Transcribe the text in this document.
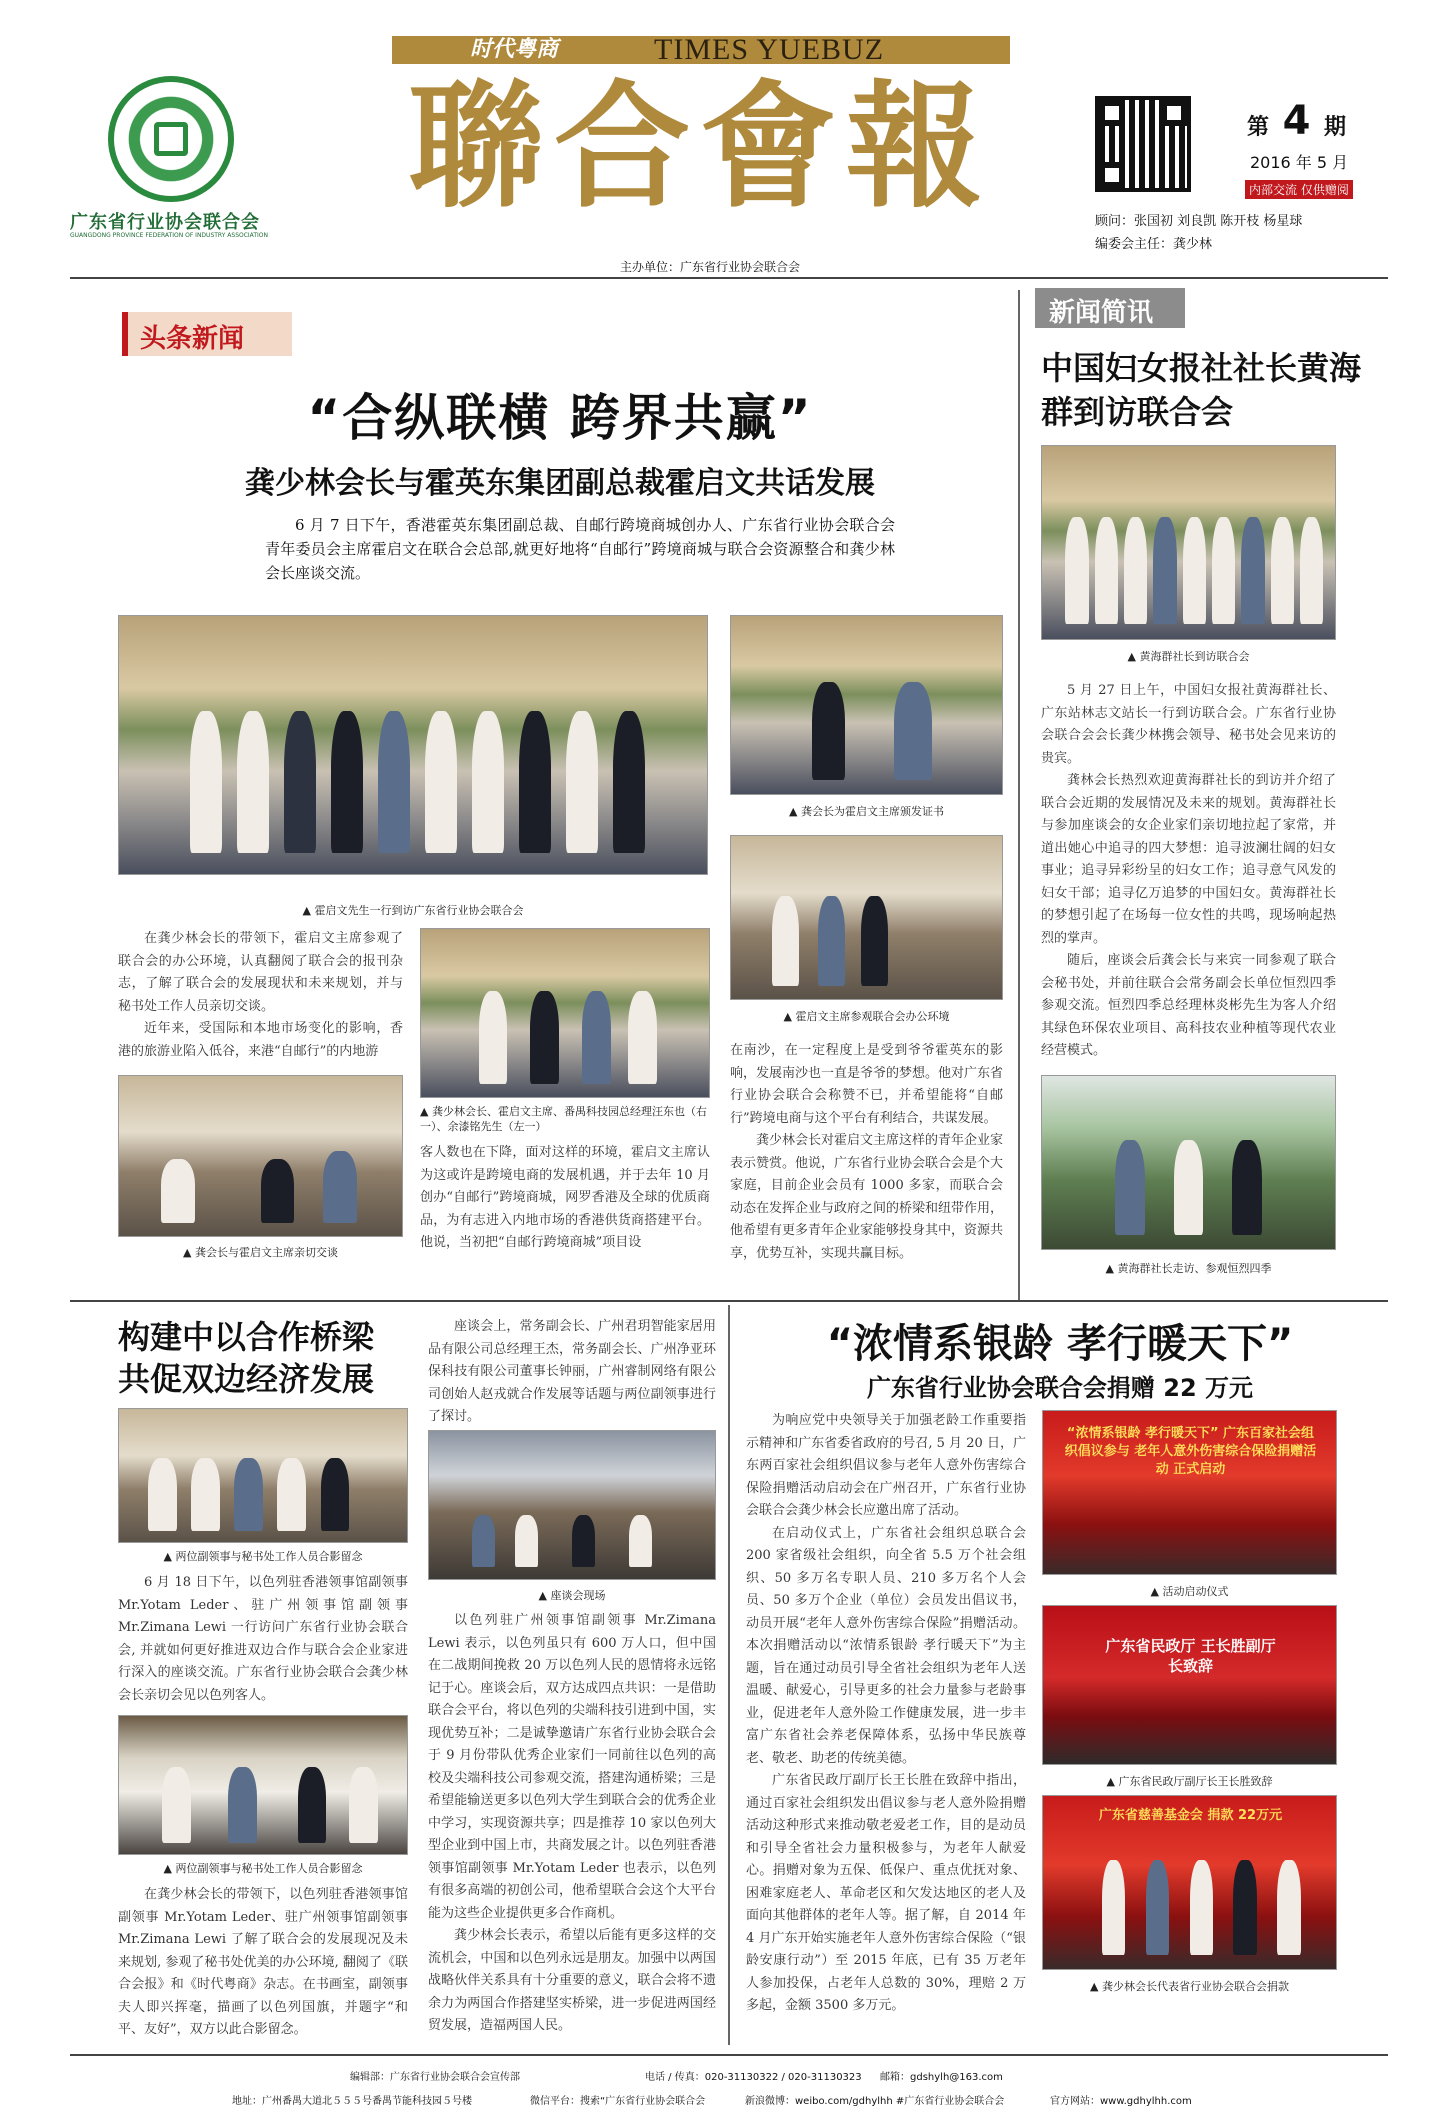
广东省行业协会联合会
GUANGDONG PROVINCE FEDERATION OF INDUSTRY ASSOCIATION
时代粤商	TIMES YUEBUZ
聯合會報	第 4 期
2016 年 5 月
内部交流 仅供赠阅
顾问：张国初 刘良凯 陈开枝 杨星球
编委会主任：龚少林
主办单位：广东省行业协会联合会
头条新闻
“合纵联横 跨界共赢”
龚少林会长与霍英东集团副总裁霍启文共话发展

6 月 7 日下午，香港霍英东集团副总裁、自邮行跨境商城创办人、广东省行业协会联合会青年委员会主席霍启文在联合会总部,就更好地将“自邮行”跨境商城与联合会资源整合和龚少林会长座谈交流。

▲ 霍启文先生一行到访广东省行业协会联合会
▲ 龚会长为霍启文主席颁发证书
▲ 霍启文主席参观联合会办公环境

在龚少林会长的带领下，霍启文主席参观了联合会的办公环境，认真翻阅了联合会的报刊杂志，了解了联合会的发展现状和未来规划，并与秘书处工作人员亲切交谈。

近年来，受国际和本地市场变化的影响，香港的旅游业陷入低谷，来港“自邮行”的内地游

▲ 龚少林会长、霍启文主席、番禺科技园总经理汪东也（右一）、余漆铭先生（左一）
▲ 龚会长与霍启文主席亲切交谈

客人数也在下降，面对这样的环境，霍启文主席认为这或许是跨境电商的发展机遇，并于去年 10 月创办“自邮行”跨境商城，网罗香港及全球的优质商品，为有志进入内地市场的香港供货商搭建平台。他说，当初把“自邮行跨境商城”项目设

在南沙，在一定程度上是受到爷爷霍英东的影响，发展南沙也一直是爷爷的梦想。他对广东省行业协会联合会称赞不已，并希望能将“自邮行”跨境电商与这个平台有利结合，共谋发展。

龚少林会长对霍启文主席这样的青年企业家表示赞赏。他说，广东省行业协会联合会是个大家庭，目前企业会员有 1000 多家，而联合会动态在发挥企业与政府之间的桥梁和纽带作用，他希望有更多青年企业家能够投身其中，资源共享，优势互补，实现共赢目标。

新闻简讯
中国妇女报社社长黄海群到访联合会
▲ 黄海群社长到访联合会

5 月 27 日上午，中国妇女报社黄海群社长、广东站林志文站长一行到访联合会。广东省行业协会联合会会长龚少林携会领导、秘书处会见来访的贵宾。

龚林会长热烈欢迎黄海群社长的到访并介绍了联合会近期的发展情况及未来的规划。黄海群社长与参加座谈会的女企业家们亲切地拉起了家常，并道出她心中追寻的四大梦想：追寻波澜壮阔的妇女事业；追寻异彩纷呈的妇女工作；追寻意气风发的妇女干部；追寻亿万追梦的中国妇女。黄海群社长的梦想引起了在场每一位女性的共鸣，现场响起热烈的掌声。

随后，座谈会后龚会长与来宾一同参观了联合会秘书处，并前往联合会常务副会长单位恒烈四季参观交流。恒烈四季总经理林炎彬先生为客人介绍其绿色环保农业项目、高科技农业种植等现代农业经营模式。

▲ 黄海群社长走访、参观恒烈四季
构建中以合作桥梁
共促双边经济发展
▲ 两位副领事与秘书处工作人员合影留念

6 月 18 日下午，以色列驻香港领事馆副领事 Mr.Yotam Leder、驻广州领事馆副领事 Mr.Zimana Lewi 一行访问广东省行业协会联合会, 并就如何更好推进双边合作与联合会企业家进行深入的座谈交流。广东省行业协会联合会龚少林会长亲切会见以色列客人。

▲ 两位副领事与秘书处工作人员合影留念

在龚少林会长的带领下，以色列驻香港领事馆副领事 Mr.Yotam Leder、驻广州领事馆副领事 Mr.Zimana Lewi 了解了联合会的发展现况及未来规划, 参观了秘书处优美的办公环境, 翻阅了《联合会报》和《时代粤商》杂志。在书画室，副领事夫人即兴挥毫，描画了以色列国旗，并题字“和平、友好”，双方以此合影留念。

座谈会上，常务副会长、广州君玥智能家居用品有限公司总经理王杰，常务副会长、广州净亚环保科技有限公司董事长钟丽，广州睿制网络有限公司创始人赵戎就合作发展等话题与两位副领事进行了探讨。

▲ 座谈会现场

以色列驻广州领事馆副领事 Mr.Zimana Lewi 表示，以色列虽只有 600 万人口，但中国在二战期间挽救 20 万以色列人民的恩情将永远铭记于心。座谈会后，双方达成四点共识：一是借助联合会平台，将以色列的尖端科技引进到中国，实现优势互补；二是诚挚邀请广东省行业协会联合会于 9 月份带队优秀企业家们一同前往以色列的高校及尖端科技公司参观交流，搭建沟通桥梁；三是希望能输送更多以色列大学生到联合会的优秀企业中学习，实现资源共享；四是推荐 10 家以色列大型企业到中国上市，共商发展之计。以色列驻香港领事馆副领事 Mr.Yotam Leder 也表示，以色列有很多高端的初创公司，他希望联合会这个大平台能为这些企业提供更多合作商机。

龚少林会长表示，希望以后能有更多这样的交流机会，中国和以色列永远是朋友。加强中以两国战略伙伴关系具有十分重要的意义，联合会将不遗余力为两国合作搭建坚实桥梁，进一步促进两国经贸发展，造福两国人民。

“浓情系银龄 孝行暖天下”
广东省行业协会联合会捐赠 22 万元

为响应党中央领导关于加强老龄工作重要指示精神和广东省委省政府的号召, 5 月 20 日，广东两百家社会组织倡议参与老年人意外伤害综合保险捐赠活动启动会在广州召开，广东省行业协会联合会龚少林会长应邀出席了活动。

在启动仪式上，广东省社会组织总联合会 200 家省级社会组织，向全省 5.5 万个社会组织、50 多万名专职人员、210 多万名个人会员、50 多万个企业（单位）会员发出倡议书，动员开展“老年人意外伤害综合保险”捐赠活动。本次捐赠活动以“浓情系银龄 孝行暖天下”为主题，旨在通过动员引导全省社会组织为老年人送温暖、献爱心，引导更多的社会力量参与老龄事业，促进老年人意外险工作健康发展，进一步丰富广东省社会养老保障体系，弘扬中华民族尊老、敬老、助老的传统美德。

广东省民政厅副厅长王长胜在致辞中指出，通过百家社会组织发出倡议参与老人意外险捐赠活动这种形式来推动敬老爱老工作，目的是动员和引导全省社会力量积极参与，为老年人献爱心。捐赠对象为五保、低保户、重点优抚对象、困难家庭老人、革命老区和欠发达地区的老人及面向其他群体的老年人等。据了解，自 2014 年 4 月广东开始实施老年人意外伤害综合保险（“银龄安康行动”）至 2015 年底，已有 35 万老年人参加投保，占老年人总数的 30%，理赔 2 万多起，金额 3500 多万元。

“浓情系银龄 孝行暖天下” 广东百家社会组织倡议参与 老年人意外伤害综合保险捐赠活动 正式启动
▲ 活动启动仪式
广东省民政厅 王长胜副厅长致辞
▲ 广东省民政厅副厅长王长胜致辞
广东省慈善基金会 捐款 22万元
▲ 龚少林会长代表省行业协会联合会捐款
编辑部：广东省行业协会联合会宣传部	电话 / 传真：020-31130322 / 020-31130323 邮箱：gdshylh@163.com
地址：广州番禺大道北５５５号番禺节能科技园５号楼	微信平台：搜索“广东省行业协会联合会	新浪微博：weibo.com/gdhylhh #广东省行业协会联合会	官方网站：www.gdhylhh.com
